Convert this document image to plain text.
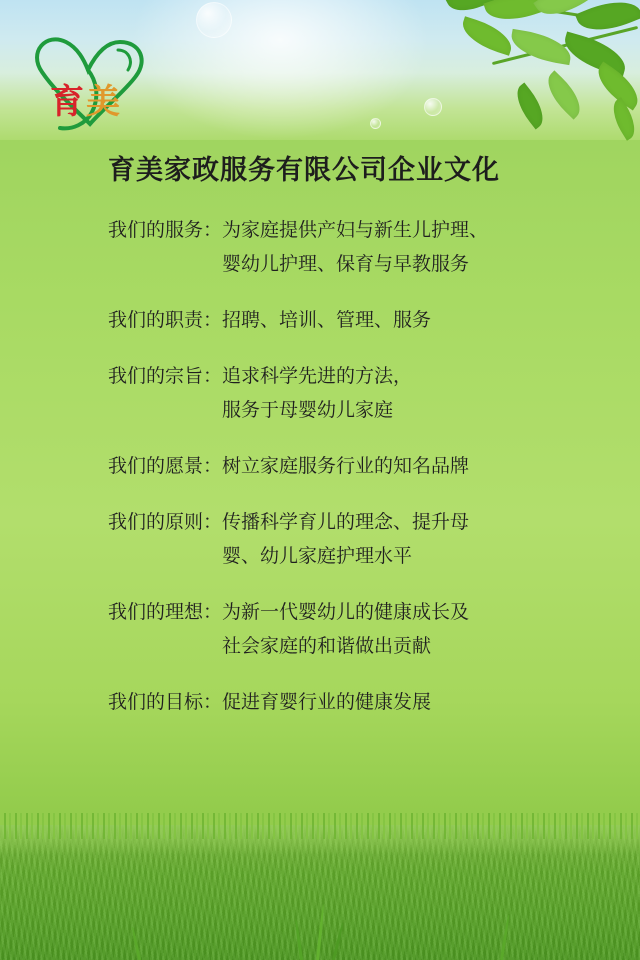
育美
育美家政服务有限公司企业文化
我们的服务： 为家庭提供产妇与新生儿护理、
婴幼儿护理、保育与早教服务
我们的职责： 招聘、培训、管理、服务
我们的宗旨： 追求科学先进的方法，
服务于母婴幼儿家庭
我们的愿景： 树立家庭服务行业的知名品牌
我们的原则： 传播科学育儿的理念、提升母
婴、幼儿家庭护理水平
我们的理想： 为新一代婴幼儿的健康成长及
社会家庭的和谐做出贡献
我们的目标： 促进育婴行业的健康发展
